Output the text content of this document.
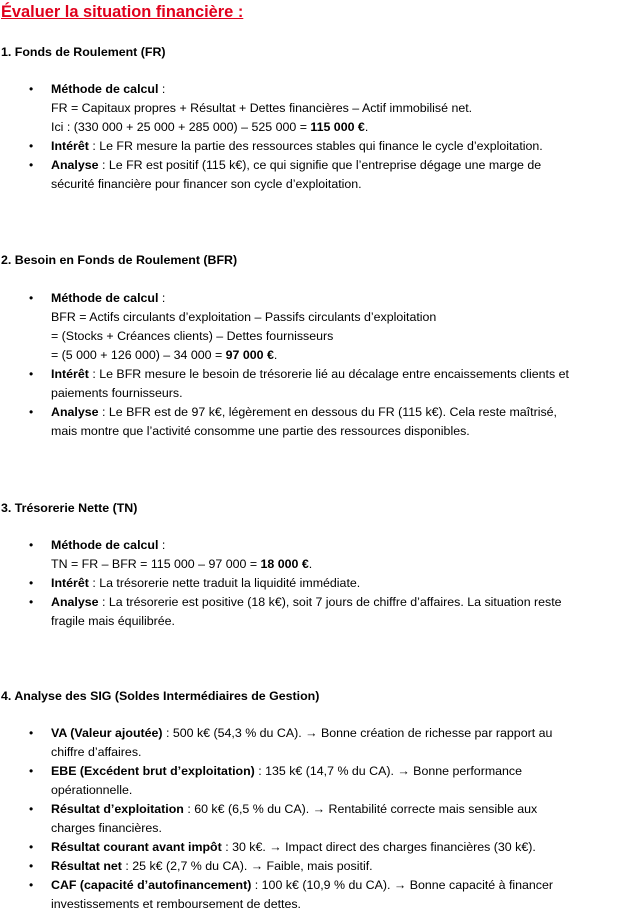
Évaluer la situation financière :
1. Fonds de Roulement (FR)
• Méthode de calcul :
FR = Capitaux propres + Résultat + Dettes financières – Actif immobilisé net.
Ici : (330 000 + 25 000 + 285 000) – 525 000 = 115 000 €.
• Intérêt : Le FR mesure la partie des ressources stables qui finance le cycle d’exploitation.
• Analyse : Le FR est positif (115 k€), ce qui signifie que l’entreprise dégage une marge de
sécurité financière pour financer son cycle d’exploitation.
2. Besoin en Fonds de Roulement (BFR)
• Méthode de calcul :
BFR = Actifs circulants d’exploitation – Passifs circulants d’exploitation
= (Stocks + Créances clients) – Dettes fournisseurs
= (5 000 + 126 000) – 34 000 = 97 000 €.
• Intérêt : Le BFR mesure le besoin de trésorerie lié au décalage entre encaissements clients et
paiements fournisseurs.
• Analyse : Le BFR est de 97 k€, légèrement en dessous du FR (115 k€). Cela reste maîtrisé,
mais montre que l’activité consomme une partie des ressources disponibles.
3. Trésorerie Nette (TN)
• Méthode de calcul :
TN = FR – BFR = 115 000 – 97 000 = 18 000 €.
• Intérêt : La trésorerie nette traduit la liquidité immédiate.
• Analyse : La trésorerie est positive (18 k€), soit 7 jours de chiffre d’affaires. La situation reste
fragile mais équilibrée.
4. Analyse des SIG (Soldes Intermédiaires de Gestion)
• VA (Valeur ajoutée) : 500 k€ (54,3 % du CA). → Bonne création de richesse par rapport au
chiffre d’affaires.
• EBE (Excédent brut d’exploitation) : 135 k€ (14,7 % du CA). → Bonne performance
opérationnelle.
• Résultat d’exploitation : 60 k€ (6,5 % du CA). → Rentabilité correcte mais sensible aux
charges financières.
• Résultat courant avant impôt : 30 k€. → Impact direct des charges financières (30 k€).
• Résultat net : 25 k€ (2,7 % du CA). → Faible, mais positif.
• CAF (capacité d’autofinancement) : 100 k€ (10,9 % du CA). → Bonne capacité à financer
investissements et remboursement de dettes.
